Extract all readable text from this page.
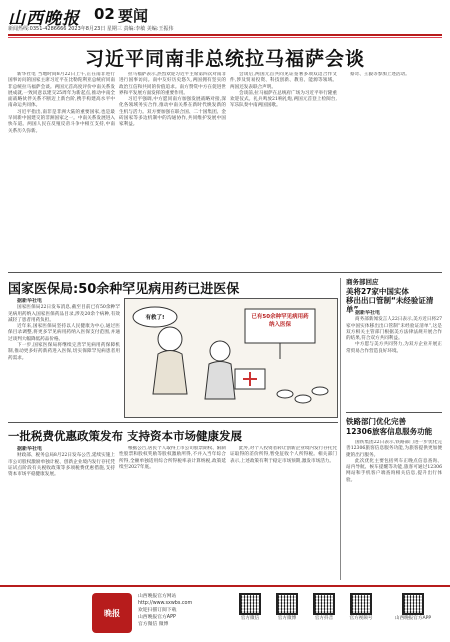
山西晚报 02 要闻
新闻热线:0351-4286666 2023年8月23日 星期三 责编:李敏 美编:王振伟
习近平同南非总统拉马福萨会谈

新华社电 当地时间8月22日上午,正在南非进行国事访问的国家主席习近平在比勒陀利亚总统府同南非总统拉马福萨会谈。两国元首高度评价中南关系发展成就,一致同意以建交25周年为新起点,推动中南全面战略伙伴关系不断迈上新台阶,携手构建高水平中南命运共同体。

习近平指出,南非是非洲大陆的重要国家,也是最早同新中国建交的非洲国家之一。中南关系发展进入快车道。两国人民在反殖反帝斗争中相互支持,中南关系历久弥新。

拉马福萨表示,热烈欢迎习近平主席第四次对南非进行国事访问。南中友好历史悠久,两国拥有坚实的政治互信和共同的价值追求。南方赞赏中方在促进世界和平发展方面发挥的重要作用。

习近平强调,中方愿同南方加强发展战略对接,深化各领域务实合作,推动中南关系在新时代焕发新的生机与活力。双方要加强在联合国、二十国集团、金砖国家等多边机制中的沟通协作,共同维护发展中国家利益。

会谈后,两国元首共同见证签署多项双边合作文件,涉及贸易投资、科技创新、教育、能源等领域。两国还发表联合声明。

会谈前,拉马福萨在总统府广场为习近平举行隆重欢迎仪式。礼兵鸣放21响礼炮,两国元首登上检阅台,军乐队奏中南两国国歌。

蔡奇、王毅等参加上述活动。

国家医保局:50余种罕见病用药已进医保

据新华社电

国家医保局22日发布消息,截至目前已有50余种罕见病用药纳入国家医保药品目录,涉及20余个病种,有效减轻了患者用药负担。

近年来,国家医保局坚持以人民健康为中心,通过医保目录调整,将更多罕见病用药纳入医保支付范围,并通过谈判大幅降低药品价格。

下一步,国家医保局将继续完善罕见病用药保障机制,推动更多好药新药进入医保,切实保障罕见病患者用药需求。

已有50余种罕见病用药纳入医保
有救了!
一批税费优惠政策发布 支持资本市场健康发展

据新华社电

财政部、税务总局8月22日发布公告,延续实施上市公司股权激励单独计税、创新企业境内发行存托凭证试点阶段有关税收政策等多项税费优惠措施,支持资本市场平稳健康发展。

根据公告,居民个人取得上市公司股票期权、限制性股票和股权奖励等股权激励所得,不并入当年综合所得,全额单独适用综合所得税率表计算纳税,政策延续至2027年底。

此外,对个人投资者转让创新企业境内发行存托凭证取得的差价所得,暂免征收个人所得税。相关部门表示,上述政策有利于稳定市场预期,激发市场活力。

商务部回应
美将27家中国实体
移出出口管制“未经验证清单”

据新华社电

商务部新闻发言人22日表示,美方近日将27家中国实体移出出口管制“未经验证清单”,这是双方相关主管部门根据美方法律法规开展合作的结果,符合双方共同利益。

中方愿与美方共同努力,为双方企业开展正常贸易合作营造良好环境。

铁路部门优化完善
12306旅客信息服务功能

国铁集团22日表示,铁路部门进一步优化完善12306旅客信息服务功能,为旅客提供更加便捷的出行服务。

此次优化主要包括列车正晚点信息查询、站内导航、候车提醒等功能,旅客可通过12306网站和手机客户端查询相关信息,提升出行体验。

晚报
山西晚报官方网站
http://www.sxwbs.com
欢迎扫描订阅下载
山西晚报官方APP
官方微信 微博
官方微信	官方微博	官方抖音	官方视频号	山西晚报官方APP
